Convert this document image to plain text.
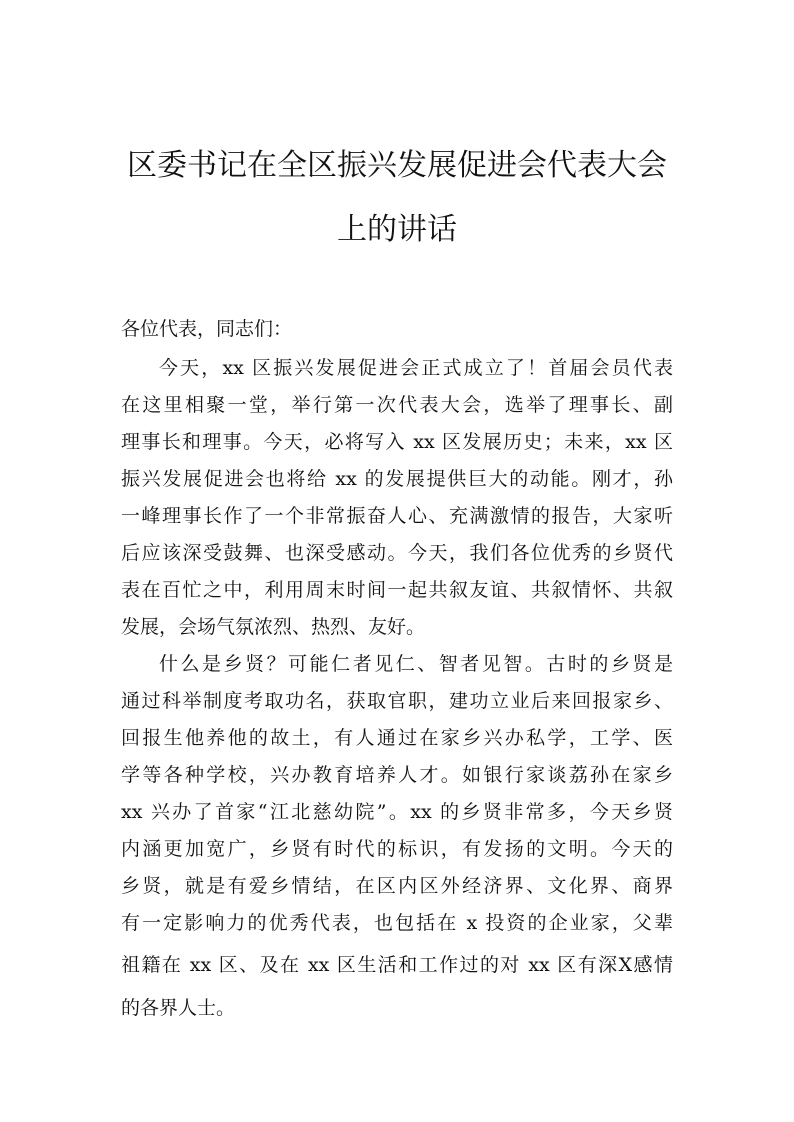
区委书记在全区振兴发展促进会代表大会
上的讲话
各位代表，同志们：
今天，xx 区振兴发展促进会正式成立了！首届会员代表
在这里相聚一堂，举行第一次代表大会，选举了理事长、副
理事长和理事。今天，必将写入 xx 区发展历史；未来，xx 区
振兴发展促进会也将给 xx 的发展提供巨大的动能。刚才，孙
一峰理事长作了一个非常振奋人心、充满激情的报告，大家听
后应该深受鼓舞、也深受感动。今天，我们各位优秀的乡贤代
表在百忙之中，利用周末时间一起共叙友谊、共叙情怀、共叙
发展，会场气氛浓烈、热烈、友好。
什么是乡贤？可能仁者见仁、智者见智。古时的乡贤是
通过科举制度考取功名，获取官职，建功立业后来回报家乡、
回报生他养他的故土，有人通过在家乡兴办私学，工学、医
学等各种学校，兴办教育培养人才。如银行家谈荔孙在家乡
xx 兴办了首家“江北慈幼院”。xx 的乡贤非常多，今天乡贤
内涵更加宽广，乡贤有时代的标识，有发扬的文明。今天的
乡贤，就是有爱乡情结，在区内区外经济界、文化界、商界
有一定影响力的优秀代表，也包括在 x 投资的企业家，父辈
祖籍在 xx 区、及在 xx 区生活和工作过的对 xx 区有深X感情
的各界人士。
